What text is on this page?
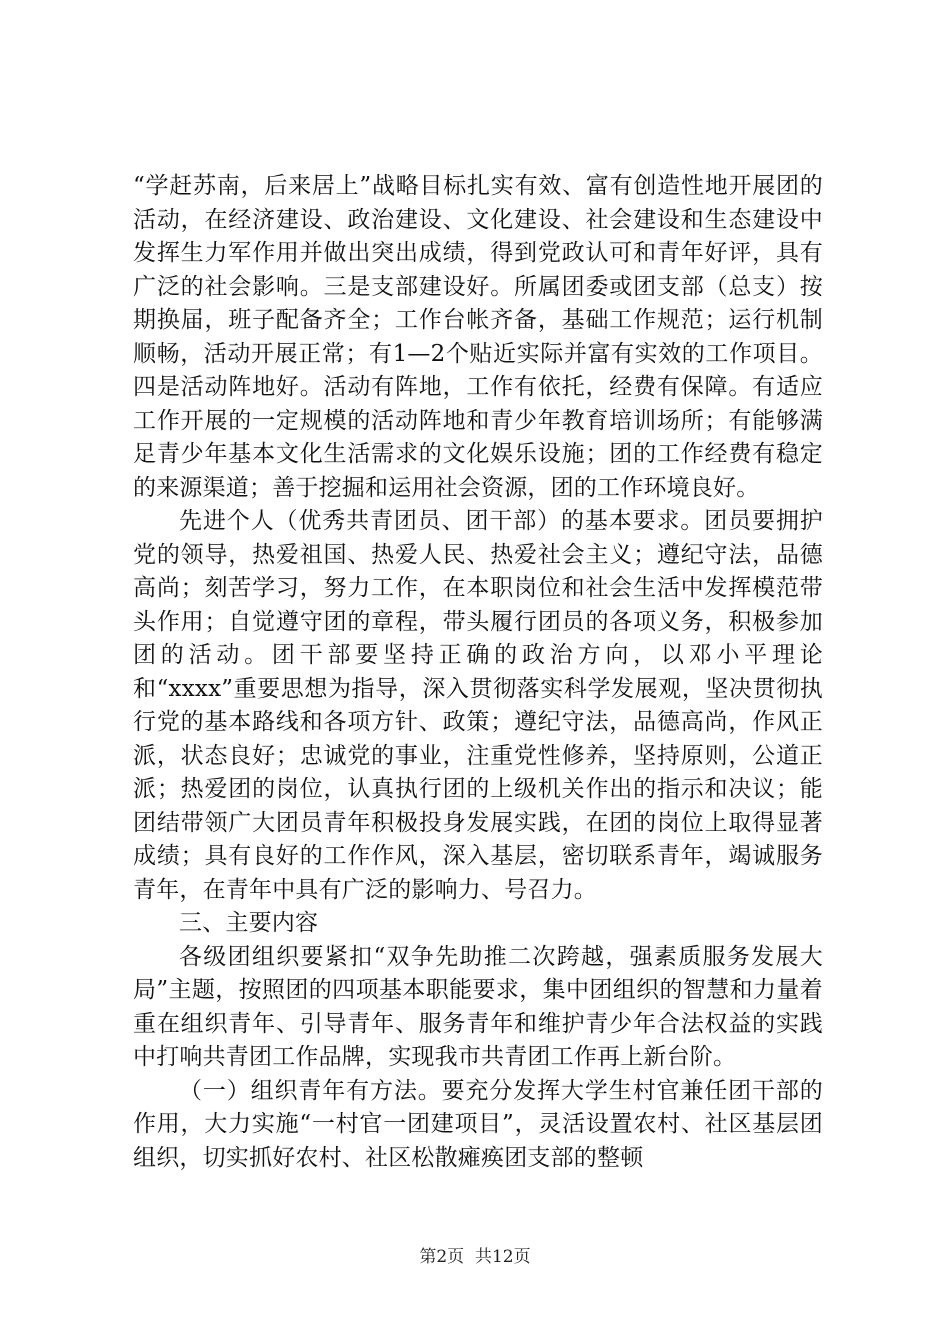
“学赶苏南，后来居上”战略目标扎实有效、富有创造性地开展团的活动，在经济建设、政治建设、文化建设、社会建设和生态建设中发挥生力军作用并做出突出成绩，得到党政认可和青年好评，具有广泛的社会影响。三是支部建设好。所属团委或团支部（总支）按期换届，班子配备齐全；工作台帐齐备，基础工作规范；运行机制顺畅，活动开展正常；有1—2个贴近实际并富有实效的工作项目。四是活动阵地好。活动有阵地，工作有依托，经费有保障。有适应工作开展的一定规模的活动阵地和青少年教育培训场所；有能够满足青少年基本文化生活需求的文化娱乐设施；团的工作经费有稳定的来源渠道；善于挖掘和运用社会资源，团的工作环境良好。

先进个人（优秀共青团员、团干部）的基本要求。团员要拥护党的领导，热爱祖国、热爱人民、热爱社会主义；遵纪守法，品德高尚；刻苦学习，努力工作，在本职岗位和社会生活中发挥模范带头作用；自觉遵守团的章程，带头履行团员的各项义务，积极参加团的活动。团干部要坚持正确的政治方向，以邓小平理论和“xxxx”重要思想为指导，深入贯彻落实科学发展观，坚决贯彻执行党的基本路线和各项方针、政策；遵纪守法，品德高尚，作风正派，状态良好；忠诚党的事业，注重党性修养，坚持原则，公道正派；热爱团的岗位，认真执行团的上级机关作出的指示和决议；能团结带领广大团员青年积极投身发展实践，在团的岗位上取得显著成绩；具有良好的工作作风，深入基层，密切联系青年，竭诚服务青年，在青年中具有广泛的影响力、号召力。

三、主要内容

各级团组织要紧扣“双争先助推二次跨越，强素质服务发展大局”主题，按照团的四项基本职能要求，集中团组织的智慧和力量着重在组织青年、引导青年、服务青年和维护青少年合法权益的实践中打响共青团工作品牌，实现我市共青团工作再上新台阶。

（一）组织青年有方法。要充分发挥大学生村官兼任团干部的作用，大力实施“一村官一团建项目”，灵活设置农村、社区基层团组织，切实抓好农村、社区松散瘫痪团支部的整顿

第2页  共12页
